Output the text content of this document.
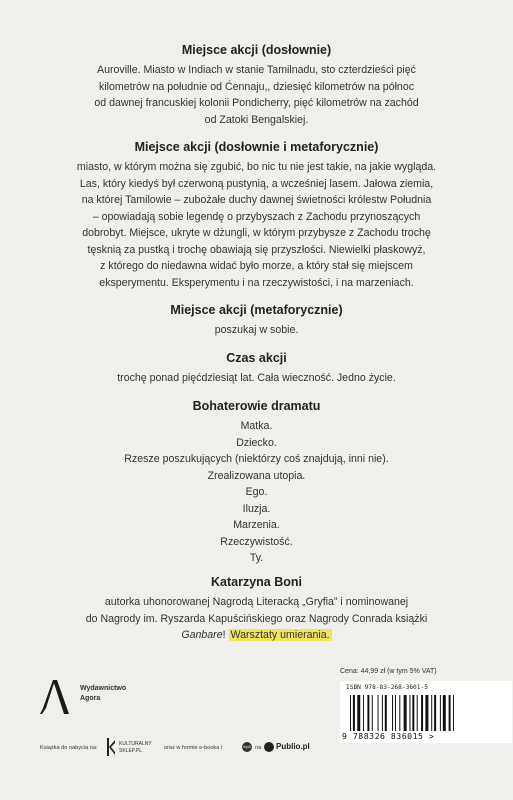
Miejsce akcji (dosłownie)

Auroville. Miasto w Indiach w stanie Tamilnadu, sto czterdzieści pięć
kilometrów na południe od Ćennaju,, dziesięć kilometrów na północ
od dawnej francuskiej kolonii Pondicherry, pięć kilometrów na zachód
od Zatoki Bengalskiej.

Miejsce akcji (dosłownie i metaforycznie)

miasto, w którym można się zgubić, bo nic tu nie jest takie, na jakie wygląda.
Las, który kiedyś był czerwoną pustynią, a wcześniej lasem. Jałowa ziemia,
na której Tamilowie – zubożałe duchy dawnej świetności królestw Południa
– opowiadają sobie legendę o przybyszach z Zachodu przynoszących
dobrobyt. Miejsce, ukryte w dżungli, w którym przybysze z Zachodu trochę
tęsknią za pustką i trochę obawiają się przyszłości. Niewielki płaskowyż,
z którego do niedawna widać było morze, a który stał się miejscem
eksperymentu. Eksperymentu i na rzeczywistości, i na marzeniach.

Miejsce akcji (metaforycznie)

poszukaj w sobie.

Czas akcji

trochę ponad pięćdziesiąt lat. Cała wieczność. Jedno życie.

Bohaterowie dramatu

Matka.
Dziecko.
Rzesze poszukujących (niektórzy coś znajdują, inni nie).
Zrealizowana utopia.
Ego.
Iluzja.
Marzenia.
Rzeczywistość.
Ty.

Katarzyna Boni

autorka uhonorowanej Nagrodą Literacką „Gryfia” i nominowanej
do Nagrody im. Ryszarda Kapuścińskiego oraz Nagrody Conrada książki
Ganbare! Warsztaty umierania.

Wydawnictwo
Agora
Cena: 44,99 zł (w tym 5% VAT)
ISBN 978-83-268-3601-5
9 788326 836015 >
Książka do nabycia na:
KULTURALNY
SKLEP.PL	oraz w formie e-booka i	mp3 na Publio.pl
